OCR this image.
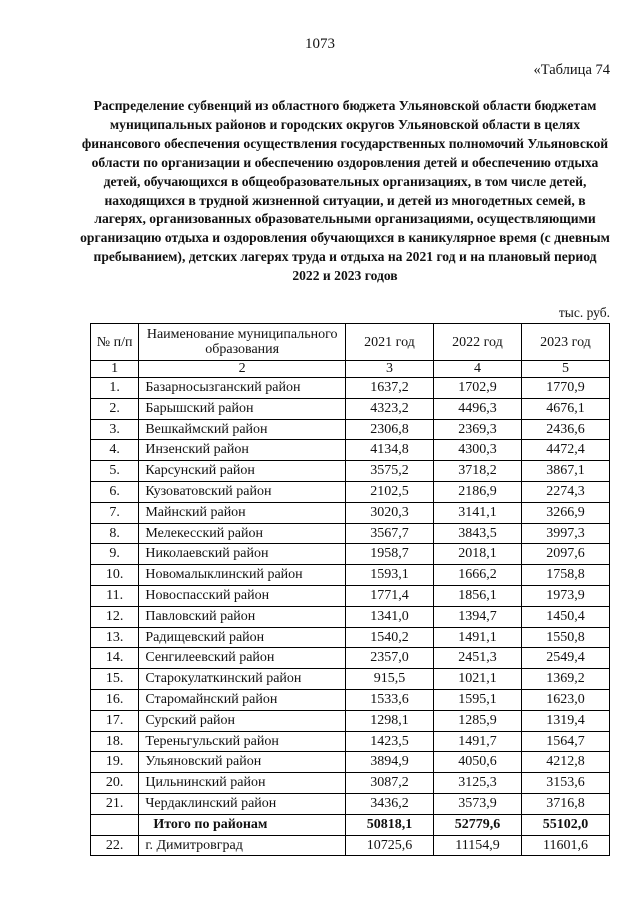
1073
«Таблица 74
Распределение субвенций из областного бюджета Ульяновской области бюджетам муниципальных районов и городских округов Ульяновской области в целях финансового обеспечения осуществления государственных полномочий Ульяновской области по организации и обеспечению оздоровления детей и обеспечению отдыха детей, обучающихся в общеобразовательных организациях, в том числе детей, находящихся в трудной жизненной ситуации, и детей из многодетных семей, в лагерях, организованных образовательными организациями, осуществляющими организацию отдыха и оздоровления обучающихся в каникулярное время (с дневным пребыванием), детских лагерях труда и отдыха на 2021 год и на плановый период 2022 и 2023 годов
тыс. руб.
№ п/п	Наименование муниципального образования	2021 год	2022 год	2023 год
1	2	3	4	5
1.	Базарносызганский район	1637,2	1702,9	1770,9
2.	Барышский район	4323,2	4496,3	4676,1
3.	Вешкаймский район	2306,8	2369,3	2436,6
4.	Инзенский район	4134,8	4300,3	4472,4
5.	Карсунский район	3575,2	3718,2	3867,1
6.	Кузоватовский район	2102,5	2186,9	2274,3
7.	Майнский район	3020,3	3141,1	3266,9
8.	Мелекесский район	3567,7	3843,5	3997,3
9.	Николаевский район	1958,7	2018,1	2097,6
10.	Новомалыклинский район	1593,1	1666,2	1758,8
11.	Новоспасский район	1771,4	1856,1	1973,9
12.	Павловский район	1341,0	1394,7	1450,4
13.	Радищевский район	1540,2	1491,1	1550,8
14.	Сенгилеевский район	2357,0	2451,3	2549,4
15.	Старокулаткинский район	915,5	1021,1	1369,2
16.	Старомайнский район	1533,6	1595,1	1623,0
17.	Сурский район	1298,1	1285,9	1319,4
18.	Тереньгульский район	1423,5	1491,7	1564,7
19.	Ульяновский район	3894,9	4050,6	4212,8
20.	Цильнинский район	3087,2	3125,3	3153,6
21.	Чердаклинский район	3436,2	3573,9	3716,8
	Итого по районам	50818,1	52779,6	55102,0
22.	г. Димитровград	10725,6	11154,9	11601,6
